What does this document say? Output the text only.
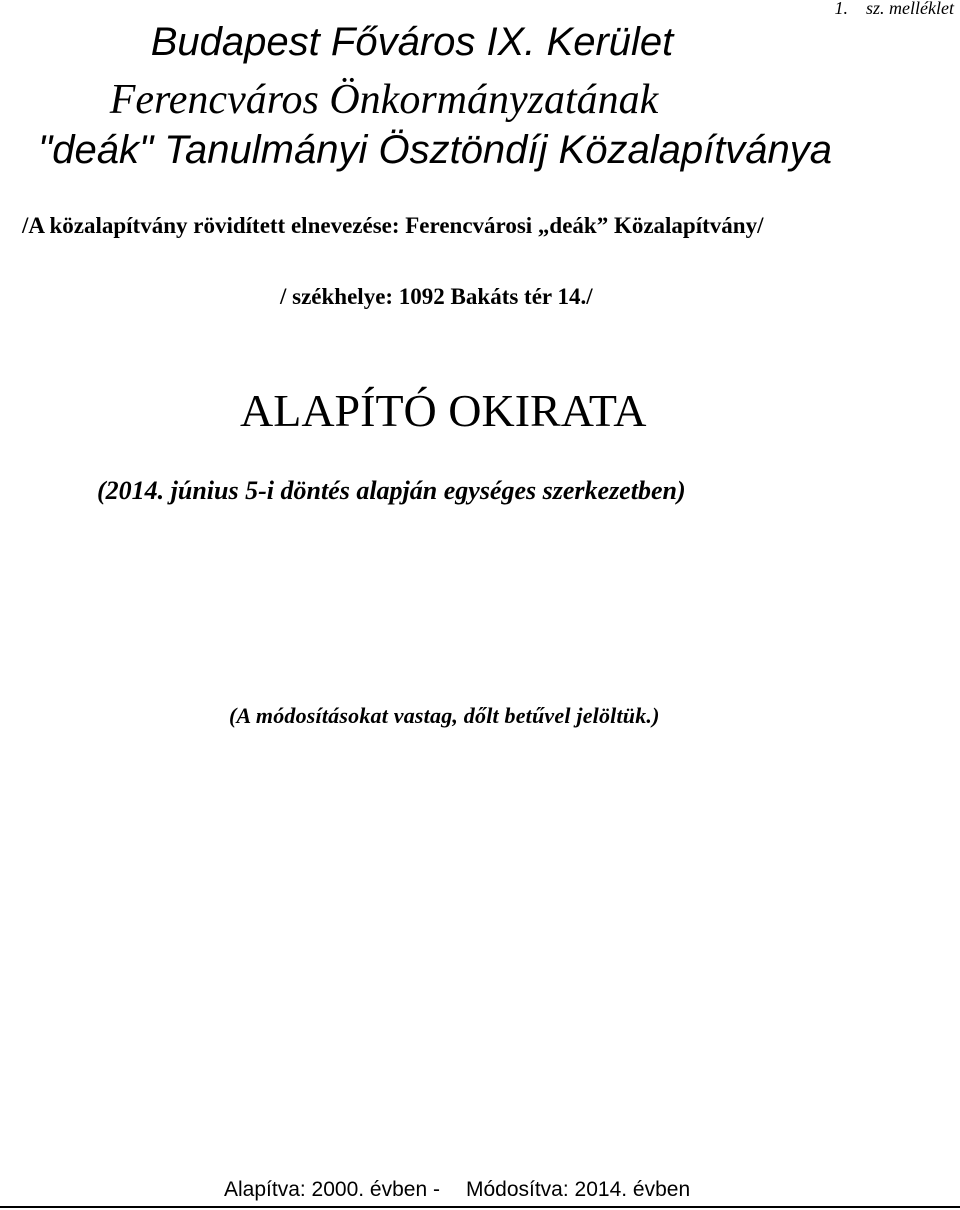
1. sz. melléklet
Budapest Főváros IX. Kerület
Ferencváros Önkormányzatának
"deák" Tanulmányi Ösztöndíj Közalapítványa
/A közalapítvány rövidített elnevezése: Ferencvárosi „deák” Közalapítvány/
/ székhelye: 1092 Bakáts tér 14./
ALAPÍTÓ OKIRATA
(2014. június 5-i döntés alapján egységes szerkezetben)
(A módosításokat vastag, dőlt betűvel jelöltük.)
Alapítva: 2000. évben - Módosítva: 2014. évben
